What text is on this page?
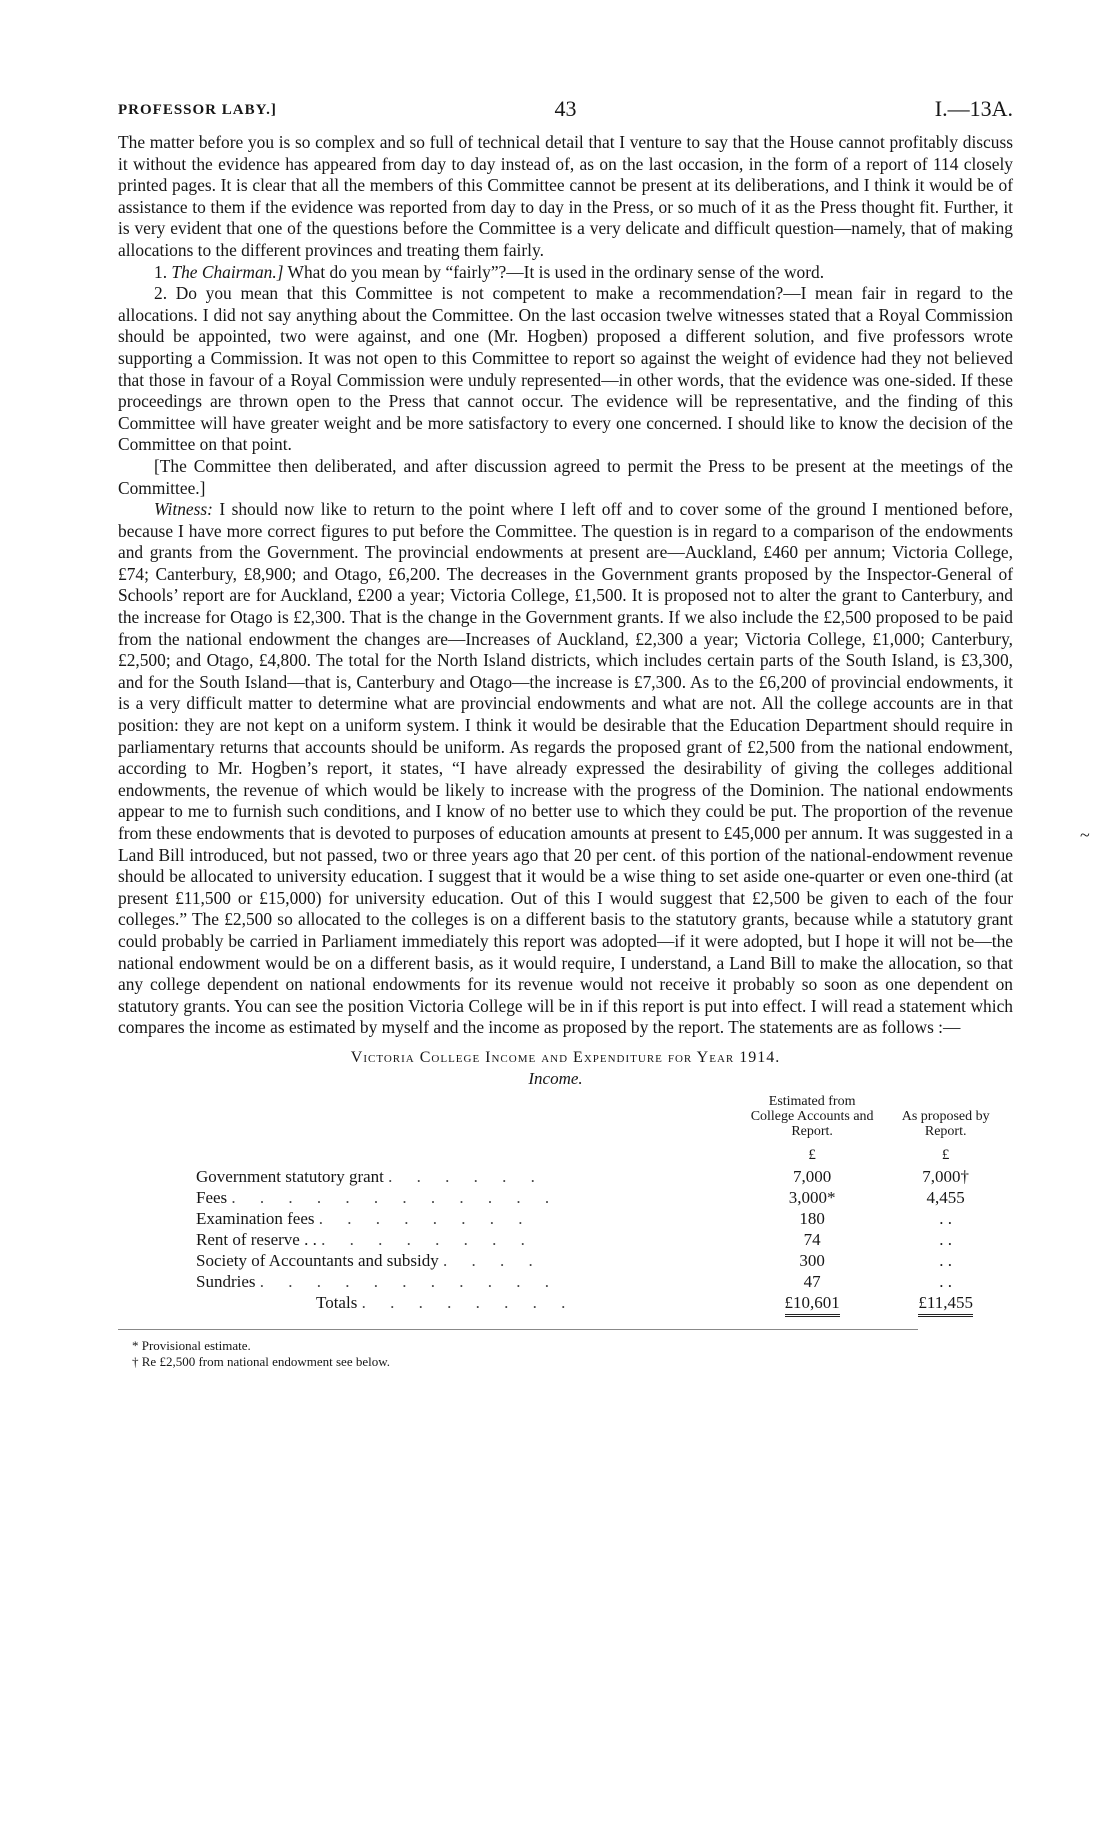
PROFESSOR LABY.]	43	I.—13A.

The matter before you is so complex and so full of technical detail that I venture to say that the House cannot profitably discuss it without the evidence has appeared from day to day instead of, as on the last occasion, in the form of a report of 114 closely printed pages. It is clear that all the members of this Committee cannot be present at its deliberations, and I think it would be of assistance to them if the evidence was reported from day to day in the Press, or so much of it as the Press thought fit. Further, it is very evident that one of the questions before the Committee is a very delicate and difficult question—namely, that of making allocations to the different provinces and treating them fairly.

1. The Chairman.] What do you mean by “fairly”?—It is used in the ordinary sense of the word.

2. Do you mean that this Committee is not competent to make a recommendation?—I mean fair in regard to the allocations. I did not say anything about the Committee. On the last occasion twelve witnesses stated that a Royal Commission should be appointed, two were against, and one (Mr. Hogben) proposed a different solution, and five professors wrote supporting a Commission. It was not open to this Committee to report so against the weight of evidence had they not believed that those in favour of a Royal Commission were unduly represented—in other words, that the evidence was one-sided. If these proceedings are thrown open to the Press that cannot occur. The evidence will be representative, and the finding of this Committee will have greater weight and be more satisfactory to every one concerned. I should like to know the decision of the Committee on that point.

[The Committee then deliberated, and after discussion agreed to permit the Press to be present at the meetings of the Committee.]

Witness: I should now like to return to the point where I left off and to cover some of the ground I mentioned before, because I have more correct figures to put before the Committee. The question is in regard to a comparison of the endowments and grants from the Government. The provincial endowments at present are—Auckland, £460 per annum; Victoria College, £74; Canterbury, £8,900; and Otago, £6,200. The decreases in the Government grants proposed by the Inspector-General of Schools’ report are for Auckland, £200 a year; Victoria College, £1,500. It is proposed not to alter the grant to Canterbury, and the increase for Otago is £2,300. That is the change in the Government grants. If we also include the £2,500 proposed to be paid from the national endowment the changes are—Increases of Auckland, £2,300 a year; Victoria College, £1,000; Canterbury, £2,500; and Otago, £4,800. The total for the North Island districts, which includes certain parts of the South Island, is £3,300, and for the South Island—that is, Canterbury and Otago—the increase is £7,300. As to the £6,200 of provincial endowments, it is a very difficult matter to determine what are provincial endowments and what are not. All the college accounts are in that position: they are not kept on a uniform system. I think it would be desirable that the Education Department should require in parliamentary returns that accounts should be uniform. As regards the proposed grant of £2,500 from the national endowment, according to Mr. Hogben’s report, it states, “I have already expressed the desirability of giving the colleges additional endowments, the revenue of which would be likely to increase with the progress of the Dominion. The national endowments appear to me to furnish such conditions, and I know of no better use to which they could be put. The proportion of the revenue from these endowments that is devoted to purposes of education amounts at present to £45,000 per annum. It was suggested in a Land Bill introduced, but not passed, two or three years ago that 20 per cent. of this portion of the national-endowment revenue should be allocated to university education. I suggest that it would be a wise thing to set aside one-quarter or even one-third (at present £11,500 or £15,000) for university education. Out of this I would suggest that £2,500 be given to each of the four colleges.” The £2,500 so allocated to the colleges is on a different basis to the statutory grants, because while a statutory grant could probably be carried in Parliament immediately this report was adopted—if it were adopted, but I hope it will not be—the national endowment would be on a different basis, as it would require, I understand, a Land Bill to make the allocation, so that any college dependent on national endowments for its revenue would not receive it probably so soon as one dependent on statutory grants. You can see the position Victoria College will be in if this report is put into effect. I will read a statement which compares the income as estimated by myself and the income as proposed by the report. The statements are as follows :—

Victoria College Income and Expenditure for Year 1914.
Income.
	Estimated from College Accounts and Report.	As proposed by Report.
	£	£
Government statutory grant . . . . . .	7,000	7,000†
Fees . . . . . . . . . . . .	3,000*	4,455
Examination fees . . . . . . . .	180	. .
Rent of reserve . . . . . . . . . .	74	. .
Society of Accountants and subsidy . . . .	300	. .
Sundries . . . . . . . . . . .	47	. .
Totals . . . . . . . .	£10,601	£11,455
* Provisional estimate.
† Re £2,500 from national endowment see below.
~
